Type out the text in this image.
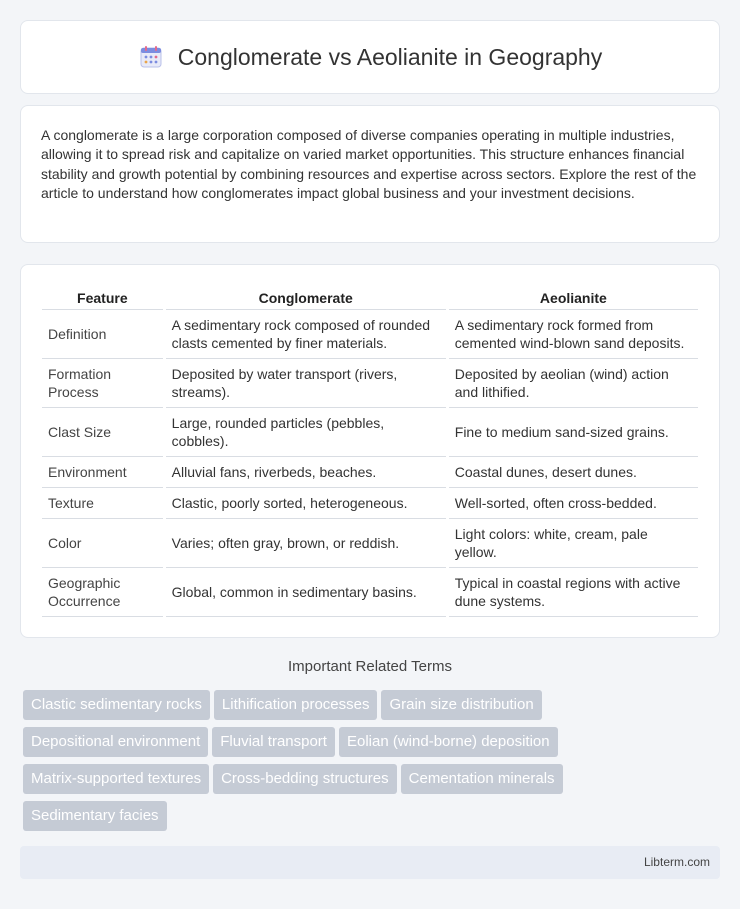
Conglomerate vs Aeolianite in Geography

A conglomerate is a large corporation composed of diverse companies operating in multiple industries, allowing it to spread risk and capitalize on varied market opportunities. This structure enhances financial stability and growth potential by combining resources and expertise across sectors. Explore the rest of the article to understand how conglomerates impact global business and your investment decisions.

Feature	Conglomerate	Aeolianite
Definition	A sedimentary rock composed of rounded clasts cemented by finer materials.	A sedimentary rock formed from cemented wind-blown sand deposits.
Formation Process	Deposited by water transport (rivers, streams).	Deposited by aeolian (wind) action and lithified.
Clast Size	Large, rounded particles (pebbles, cobbles).	Fine to medium sand-sized grains.
Environment	Alluvial fans, riverbeds, beaches.	Coastal dunes, desert dunes.
Texture	Clastic, poorly sorted, heterogeneous.	Well-sorted, often cross-bedded.
Color	Varies; often gray, brown, or reddish.	Light colors: white, cream, pale yellow.
Geographic Occurrence	Global, common in sedimentary basins.	Typical in coastal regions with active dune systems.
Important Related Terms
Clastic sedimentary rocks Lithification processes Grain size distribution
Depositional environment Fluvial transport Eolian (wind-borne) deposition
Matrix-supported textures Cross-bedding structures Cementation minerals
Sedimentary facies
Libterm.com
